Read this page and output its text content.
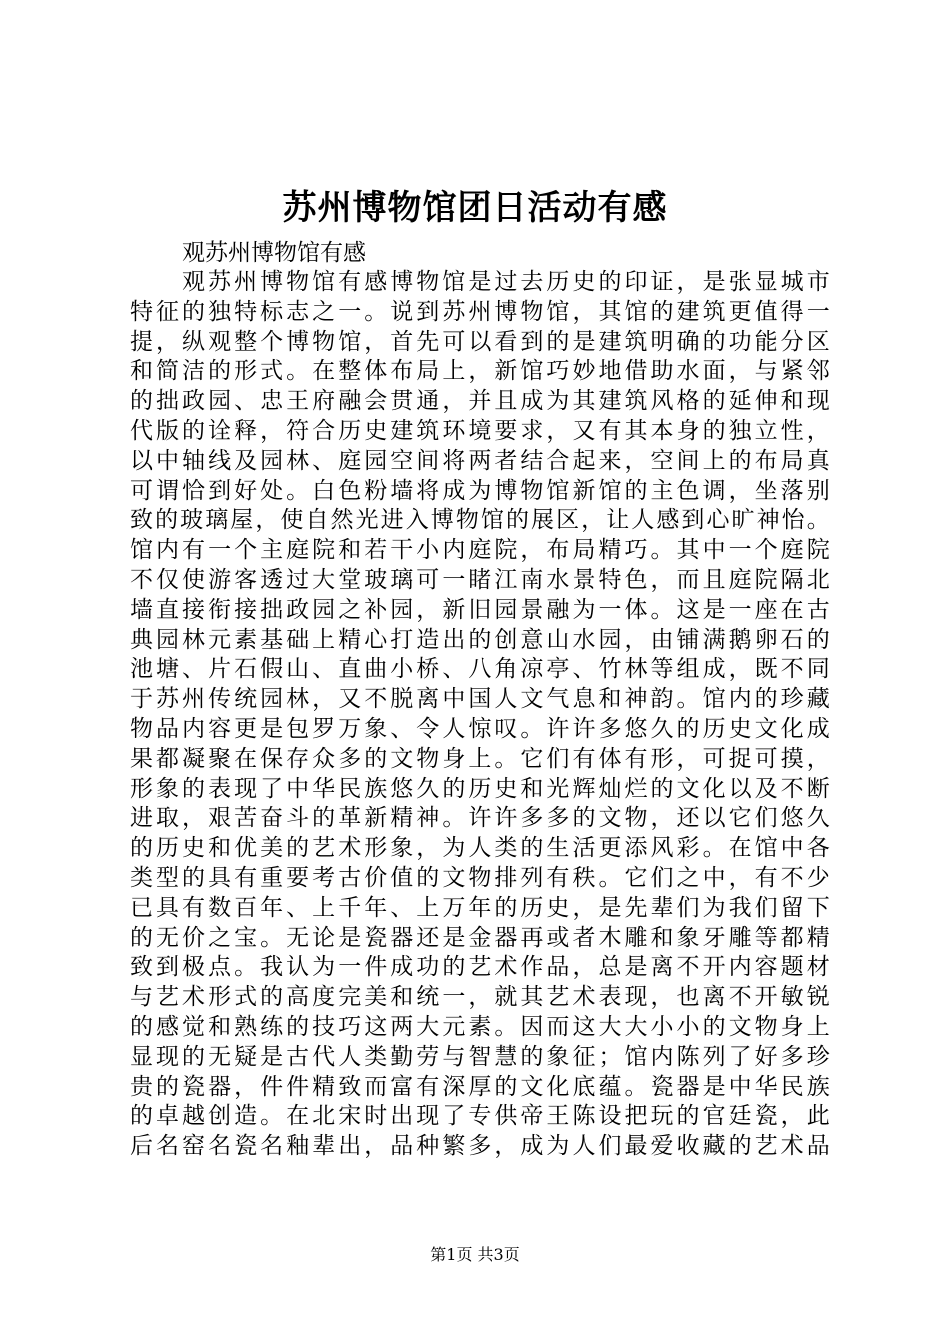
苏州博物馆团日活动有感
观苏州博物馆有感
观苏州博物馆有感博物馆是过去历史的印证，是张显城市
特征的独特标志之一。说到苏州博物馆，其馆的建筑更值得一
提，纵观整个博物馆，首先可以看到的是建筑明确的功能分区
和简洁的形式。在整体布局上，新馆巧妙地借助水面，与紧邻
的拙政园、忠王府融会贯通，并且成为其建筑风格的延伸和现
代版的诠释，符合历史建筑环境要求，又有其本身的独立性，
以中轴线及园林、庭园空间将两者结合起来，空间上的布局真
可谓恰到好处。白色粉墙将成为博物馆新馆的主色调，坐落别
致的玻璃屋，使自然光进入博物馆的展区，让人感到心旷神怡。
馆内有一个主庭院和若干小内庭院，布局精巧。其中一个庭院
不仅使游客透过大堂玻璃可一睹江南水景特色，而且庭院隔北
墙直接衔接拙政园之补园，新旧园景融为一体。这是一座在古
典园林元素基础上精心打造出的创意山水园，由铺满鹅卵石的
池塘、片石假山、直曲小桥、八角凉亭、竹林等组成，既不同
于苏州传统园林，又不脱离中国人文气息和神韵。馆内的珍藏
物品内容更是包罗万象、令人惊叹。许许多悠久的历史文化成
果都凝聚在保存众多的文物身上。它们有体有形，可捉可摸，
形象的表现了中华民族悠久的历史和光辉灿烂的文化以及不断
进取，艰苦奋斗的革新精神。许许多多的文物，还以它们悠久
的历史和优美的艺术形象，为人类的生活更添风彩。在馆中各
类型的具有重要考古价值的文物排列有秩。它们之中，有不少
已具有数百年、上千年、上万年的历史，是先辈们为我们留下
的无价之宝。无论是瓷器还是金器再或者木雕和象牙雕等都精
致到极点。我认为一件成功的艺术作品，总是离不开内容题材
与艺术形式的高度完美和统一，就其艺术表现，也离不开敏锐
的感觉和熟练的技巧这两大元素。因而这大大小小的文物身上
显现的无疑是古代人类勤劳与智慧的象征；馆内陈列了好多珍
贵的瓷器，件件精致而富有深厚的文化底蕴。瓷器是中华民族
的卓越创造。在北宋时出现了专供帝王陈设把玩的官廷瓷，此
后名窑名瓷名釉辈出，品种繁多，成为人们最爱收藏的艺术品
第1页 共3页
